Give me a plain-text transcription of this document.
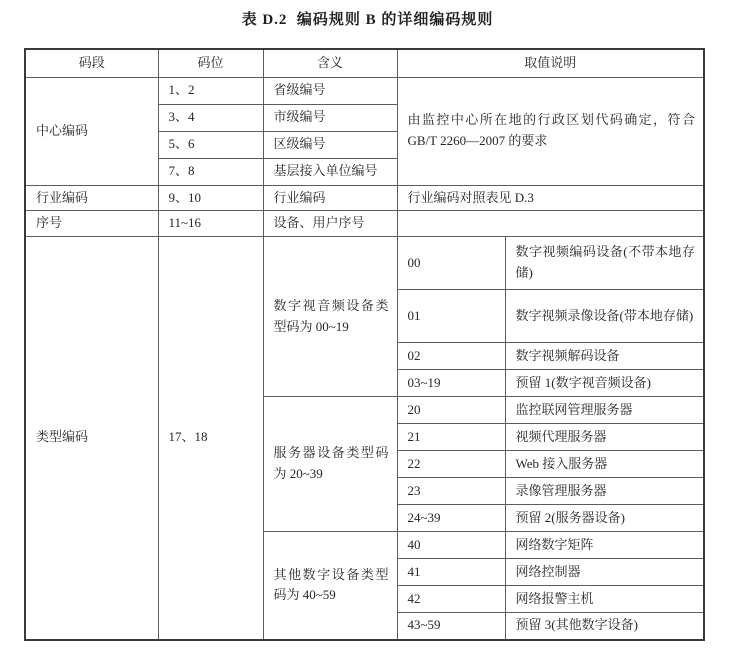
表 D.2  编码规则 B 的详细编码规则
码段	码位	含义	取值说明	
中心编码	1、2	省级编号	由监控中心所在地的行政区划代码确定，符合 GB/T 2260—2007 的要求	
	3、4	市级编号		
	5、6	区级编号		
	7、8	基层接入单位编号		
行业编码	9、10	行业编码	行业编码对照表见 D.3	
序号	11~16	设备、用户序号		
类型编码	17、18	数字视音频设备类型码为 00~19	00	数字视频编码设备(不带本地存储)
			01	数字视频录像设备(带本地存储)
			02	数字视频解码设备
			03~19	预留 1(数字视音频设备)
		服务器设备类型码为 20~39	20	监控联网管理服务器
			21	视频代理服务器
			22	Web 接入服务器
			23	录像管理服务器
			24~39	预留 2(服务器设备)
		其他数字设备类型码为 40~59	40	网络数字矩阵
			41	网络控制器
			42	网络报警主机
			43~59	预留 3(其他数字设备)
